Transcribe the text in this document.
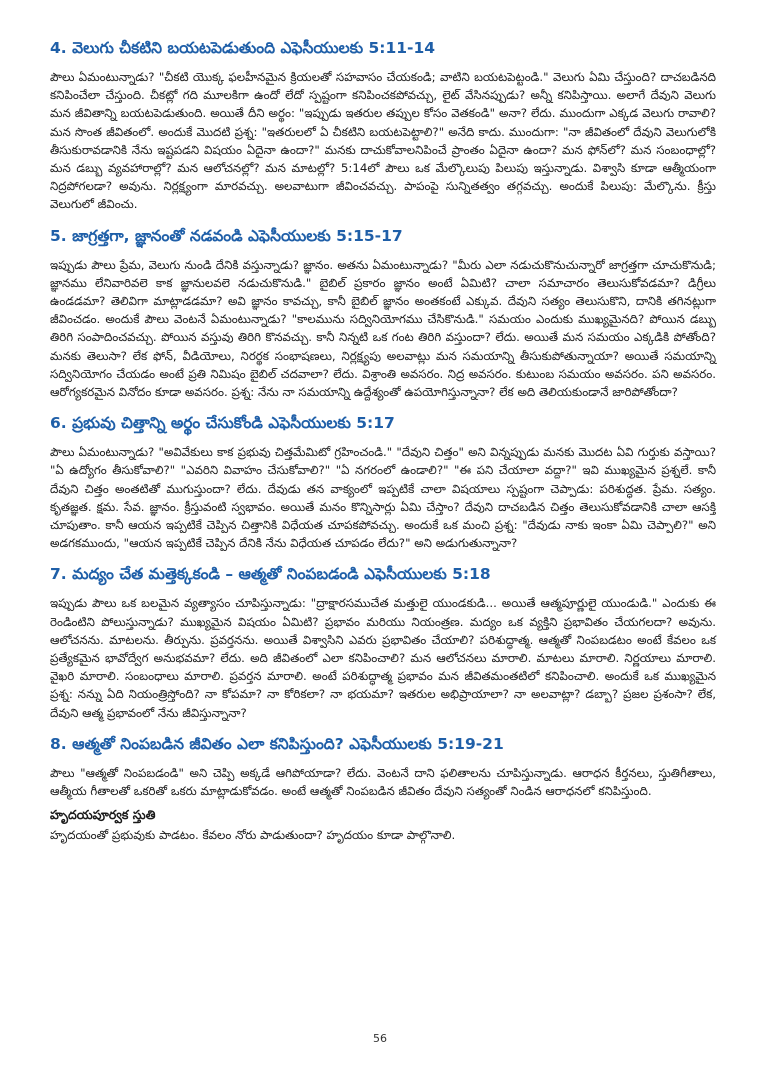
4. వెలుగు చీకటిని బయటపెడుతుంది ఎఫెసీయులకు 5:11-14

పౌలు ఏమంటున్నాడు? "చీకటి యొక్క ఫలహీనమైన క్రియలతో సహవాసం చేయకండి; వాటిని బయటపెట్టండి." వెలుగు ఏమి చేస్తుంది? దాచబడినది కనిపించేలా చేస్తుంది. చీకట్లో గది మూలకిగా ఉందో లేదో స్పష్టంగా కనిపించకపోవచ్చు, లైట్ వేసినప్పుడు? అన్నీ కనిపిస్తాయి. అలాగే దేవుని వెలుగు మన జీవితాన్ని బయటపెడుతుంది. అయితే దీని అర్థం: "ఇప్పుడు ఇతరుల తప్పుల కోసం వెతకండి" అనా? లేదు. ముందుగా ఎక్కడ వెలుగు రావాలి? మన సొంత జీవితంలో. అందుకే మొదటి ప్రశ్న: "ఇతరులలో ఏ చీకటిని బయటపెట్టాలి?" అనేది కాదు. ముందుగా: "నా జీవితంలో దేవుని వెలుగులోకి తీసుకురావడానికి నేను ఇష్టపడని విషయం ఏదైనా ఉందా?" మనకు దాచుకోవాలనిపించే ప్రాంతం ఏదైనా ఉందా? మన ఫోన్‌లో? మన సంబంధాల్లో? మన డబ్బు వ్యవహారాల్లో? మన ఆలోచనల్లో? మన మాటల్లో? 5:14లో పౌలు ఒక మేల్కొలుపు పిలుపు ఇస్తున్నాడు. విశ్వాసి కూడా ఆత్మీయంగా నిద్రపోగలడా? అవును. నిర్లక్ష్యంగా మారవచ్చు. అలవాటుగా జీవించవచ్చు. పాపంపై సున్నితత్వం తగ్గవచ్చు. అందుకే పిలుపు: మేల్కొను. క్రీస్తు వెలుగులో జీవించు.

5. జాగ్రత్తగా, జ్ఞానంతో నడవండి ఎఫెసీయులకు 5:15-17

ఇప్పుడు పౌలు ప్రేమ, వెలుగు నుండి దేనికి వస్తున్నాడు? జ్ఞానం. అతను ఏమంటున్నాడు? "మీరు ఎలా నడుచుకొనుచున్నారో జాగ్రత్తగా చూచుకొనుడి; జ్ఞానము లేనివారివలె కాక జ్ఞానులవలె నడుచుకొనుడి." బైబిల్ ప్రకారం జ్ఞానం అంటే ఏమిటి? చాలా సమాచారం తెలుసుకోవడమా? డిగ్రీలు ఉండడమా? తెలివిగా మాట్లాడడమా? అవి జ్ఞానం కావచ్చు, కానీ బైబిల్ జ్ఞానం అంతకంటే ఎక్కువ. దేవుని సత్యం తెలుసుకొని, దానికి తగినట్లుగా జీవించడం. అందుకే పౌలు వెంటనే ఏమంటున్నాడు? "కాలమును సద్వినియోగము చేసికొనుడి." సమయం ఎందుకు ముఖ్యమైనది? పోయిన డబ్బు తిరిగి సంపాదించవచ్చు. పోయిన వస్తువు తిరిగి కొనవచ్చు. కానీ నిన్నటి ఒక గంట తిరిగి వస్తుందా? లేదు. అయితే మన సమయం ఎక్కడికి పోతోంది? మనకు తెలుసా? లేక ఫోన్, వీడియోలు, నిరర్థక సంభాషణలు, నిర్లక్ష్యపు అలవాట్లు మన సమయాన్ని తీసుకుపోతున్నాయా? అయితే సమయాన్ని సద్వినియోగం చేయడం అంటే ప్రతి నిమిషం బైబిల్ చదవాలా? లేదు. విశ్రాంతి అవసరం. నిద్ర అవసరం. కుటుంబ సమయం అవసరం. పని అవసరం. ఆరోగ్యకరమైన వినోదం కూడా అవసరం. ప్రశ్న: నేను నా సమయాన్ని ఉద్దేశ్యంతో ఉపయోగిస్తున్నానా? లేక అది తెలియకుండానే జారిపోతోందా?

6. ప్రభువు చిత్తాన్ని అర్థం చేసుకోండి ఎఫెసీయులకు 5:17

పౌలు ఏమంటున్నాడు? "అవివేకులు కాక ప్రభువు చిత్తమేమిటో గ్రహించండి." "దేవుని చిత్తం" అని విన్నప్పుడు మనకు మొదట ఏవి గుర్తుకు వస్తాయి? "ఏ ఉద్యోగం తీసుకోవాలి?" "ఎవరిని వివాహం చేసుకోవాలి?" "ఏ నగరంలో ఉండాలి?" "ఈ పని చేయాలా వద్దా?" ఇవి ముఖ్యమైన ప్రశ్నలే. కానీ దేవుని చిత్తం అంతటితో ముగుస్తుందా? లేదు. దేవుడు తన వాక్యంలో ఇప్పటికే చాలా విషయాలు స్పష్టంగా చెప్పాడు: పరిశుద్ధత. ప్రేమ. సత్యం. కృతజ్ఞత. క్షమ. సేవ. జ్ఞానం. క్రీస్తువంటి స్వభావం. అయితే మనం కొన్నిసార్లు ఏమి చేస్తాం? దేవుని దాచబడిన చిత్తం తెలుసుకోవడానికి చాలా ఆసక్తి చూపుతాం. కానీ ఆయన ఇప్పటికే చెప్పిన చిత్తానికి విధేయత చూపకపోవచ్చు. అందుకే ఒక మంచి ప్రశ్న: "దేవుడు నాకు ఇంకా ఏమి చెప్పాలి?" అని అడగకముందు, "ఆయన ఇప్పటికే చెప్పిన దేనికి నేను విధేయత చూపడం లేదు?" అని అడుగుతున్నానా?

7. మద్యం చేత మత్తెక్కకండి – ఆత్మతో నింపబడండి ఎఫెసీయులకు 5:18

ఇప్పుడు పౌలు ఒక బలమైన వ్యత్యాసం చూపిస్తున్నాడు: "ద్రాక్షారసముచేత మత్తులై యుండకుడి... అయితే ఆత్మపూర్ణులై యుండుడి." ఎందుకు ఈ రెండింటిని పోలుస్తున్నాడు? ముఖ్యమైన విషయం ఏమిటి? ప్రభావం మరియు నియంత్రణ. మద్యం ఒక వ్యక్తిని ప్రభావితం చేయగలదా? అవును. ఆలోచనను. మాటలను. తీర్పును. ప్రవర్తనను. అయితే విశ్వాసిని ఎవరు ప్రభావితం చేయాలి? పరిశుద్ధాత్మ. ఆత్మతో నింపబడటం అంటే కేవలం ఒక ప్రత్యేకమైన భావోద్వేగ అనుభవమా? లేదు. అది జీవితంలో ఎలా కనిపించాలి? మన ఆలోచనలు మారాలి. మాటలు మారాలి. నిర్ణయాలు మారాలి. వైఖరి మారాలి. సంబంధాలు మారాలి. ప్రవర్తన మారాలి. అంటే పరిశుద్ధాత్మ ప్రభావం మన జీవితమంతటిలో కనిపించాలి. అందుకే ఒక ముఖ్యమైన ప్రశ్న: నన్ను ఏది నియంత్రిస్తోంది? నా కోపమా? నా కోరికలా? నా భయమా? ఇతరుల అభిప్రాయాలా? నా అలవాట్లా? డబ్బా? ప్రజల ప్రశంసా? లేక, దేవుని ఆత్మ ప్రభావంలో నేను జీవిస్తున్నానా?

8. ఆత్మతో నింపబడిన జీవితం ఎలా కనిపిస్తుంది? ఎఫెసీయులకు 5:19-21

పౌలు "ఆత్మతో నింపబడండి" అని చెప్పి అక్కడే ఆగిపోయాడా? లేదు. వెంటనే దాని ఫలితాలను చూపిస్తున్నాడు. ఆరాధన కీర్తనలు, స్తుతిగీతాలు, ఆత్మీయ గీతాలతో ఒకరితో ఒకరు మాట్లాడుకోవడం. అంటే ఆత్మతో నింపబడిన జీవితం దేవుని సత్యంతో నిండిన ఆరాధనలో కనిపిస్తుంది.

హృదయపూర్వక స్తుతి

హృదయంతో ప్రభువుకు పాడటం. కేవలం నోరు పాడుతుందా? హృదయం కూడా పాల్గొనాలి.

56
